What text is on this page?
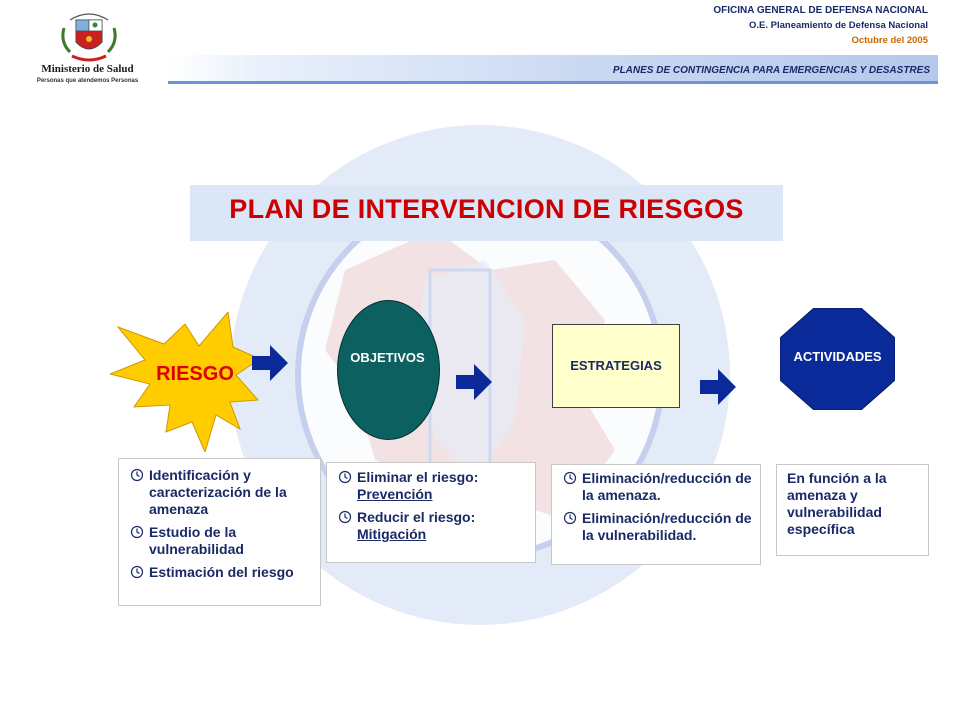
Ministerio de Salud
Personas que atendemos Personas
OFICINA GENERAL DE DEFENSA NACIONAL
O.E. Planeamiento de Defensa Nacional
Octubre del 2005
PLANES DE CONTINGENCIA PARA EMERGENCIAS Y DESASTRES
PLAN DE INTERVENCION DE RIESGOS
RIESGO
OBJETIVOS
ESTRATEGIAS
ACTIVIDADES
Identificación y caracterización de la amenaza
Estudio de la vulnerabilidad
Estimación del riesgo
Eliminar el riesgo:
Prevención
Reducir el riesgo:
Mitigación
Eliminación/reducción de la amenaza.
Eliminación/reducción de la vulnerabilidad.
En función a la amenaza y vulnerabilidad específica
